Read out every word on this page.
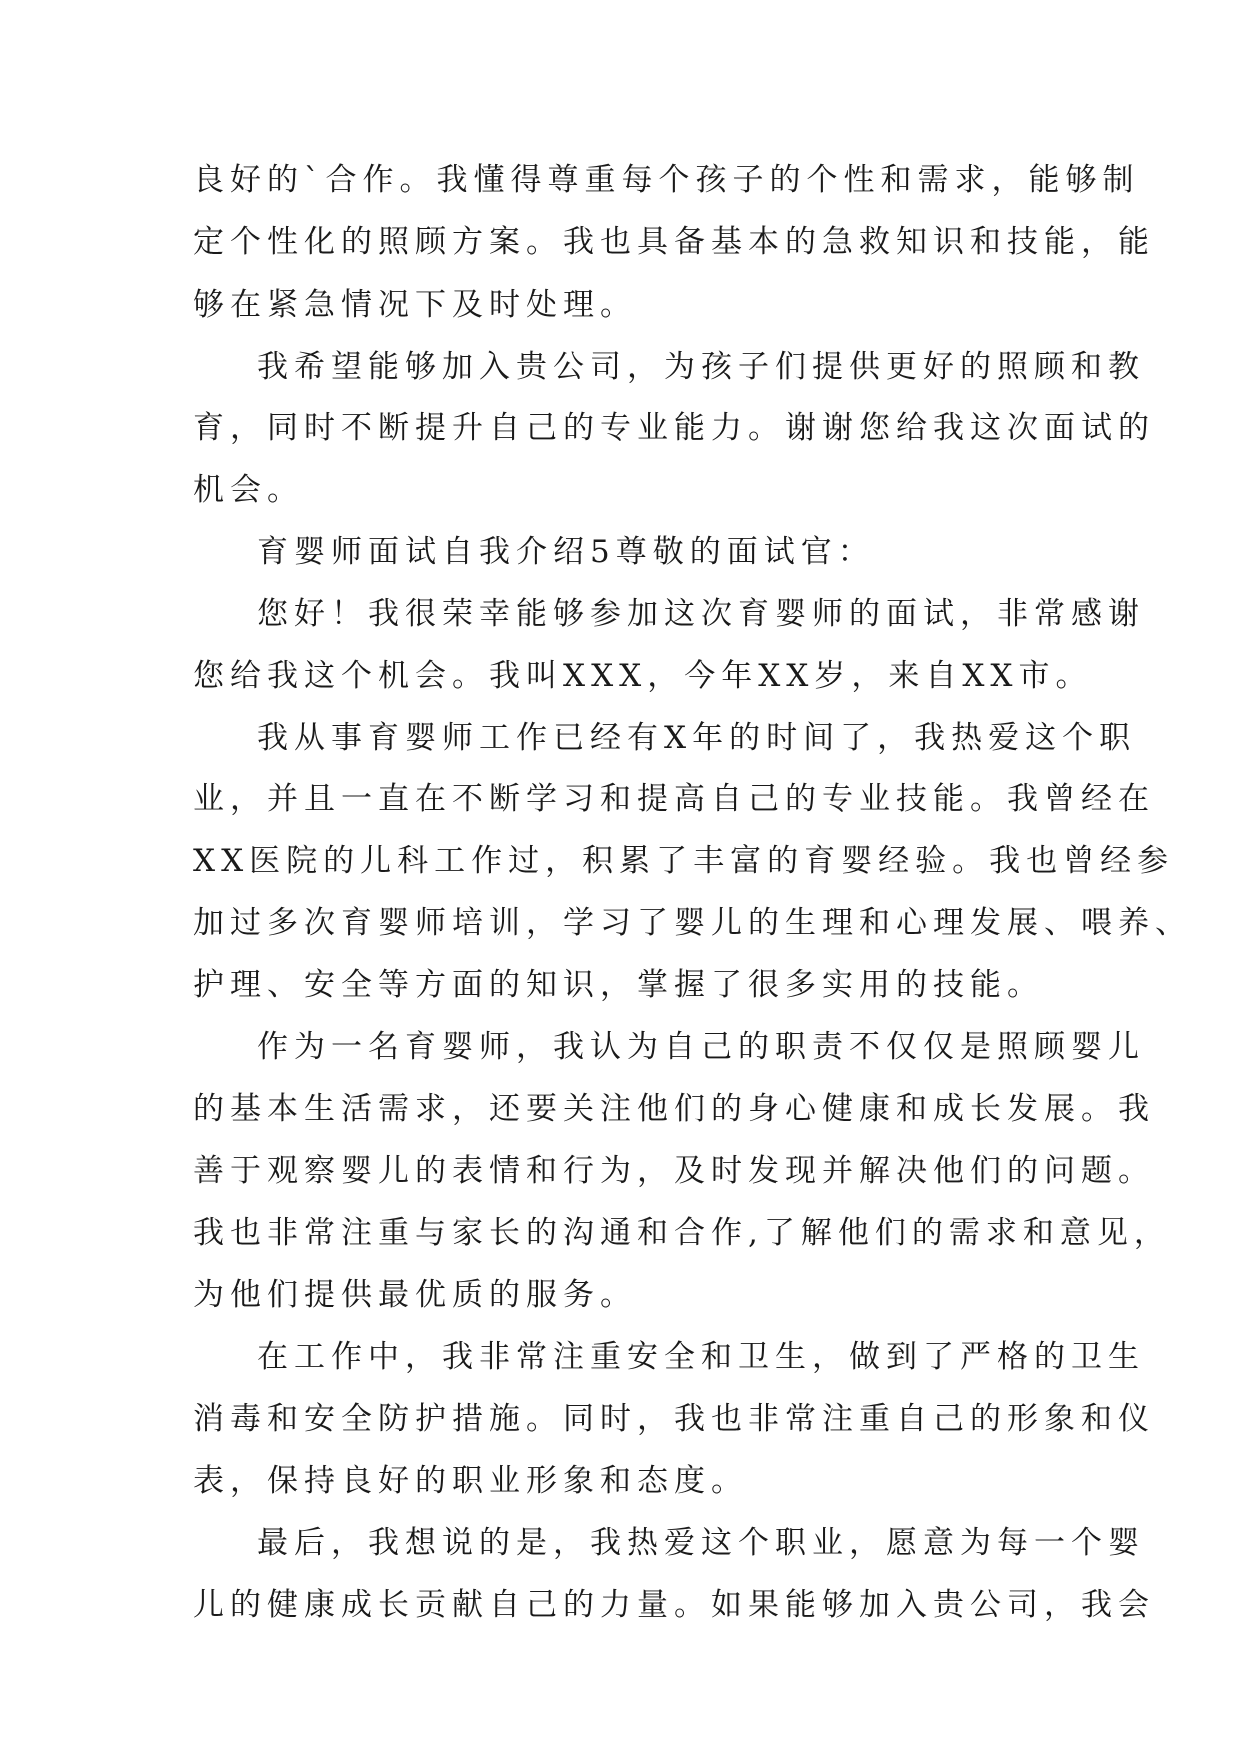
良好的`合作。我懂得尊重每个孩子的个性和需求，能够制

定个性化的照顾方案。我也具备基本的急救知识和技能，能

够在紧急情况下及时处理。

我希望能够加入贵公司，为孩子们提供更好的照顾和教

育，同时不断提升自己的专业能力。谢谢您给我这次面试的

机会。

育婴师面试自我介绍5尊敬的面试官：

您好！我很荣幸能够参加这次育婴师的面试，非常感谢

您给我这个机会。我叫XXX，今年XX岁，来自XX市。

我从事育婴师工作已经有X年的时间了，我热爱这个职

业，并且一直在不断学习和提高自己的专业技能。我曾经在

XX医院的儿科工作过，积累了丰富的育婴经验。我也曾经参

加过多次育婴师培训，学习了婴儿的生理和心理发展、喂养、

护理、安全等方面的知识，掌握了很多实用的技能。

作为一名育婴师，我认为自己的职责不仅仅是照顾婴儿

的基本生活需求，还要关注他们的身心健康和成长发展。我

善于观察婴儿的表情和行为，及时发现并解决他们的问题。

我也非常注重与家长的沟通和合作,了解他们的需求和意见，

为他们提供最优质的服务。

在工作中，我非常注重安全和卫生，做到了严格的卫生

消毒和安全防护措施。同时，我也非常注重自己的形象和仪

表，保持良好的职业形象和态度。

最后，我想说的是，我热爱这个职业，愿意为每一个婴

儿的健康成长贡献自己的力量。如果能够加入贵公司，我会
